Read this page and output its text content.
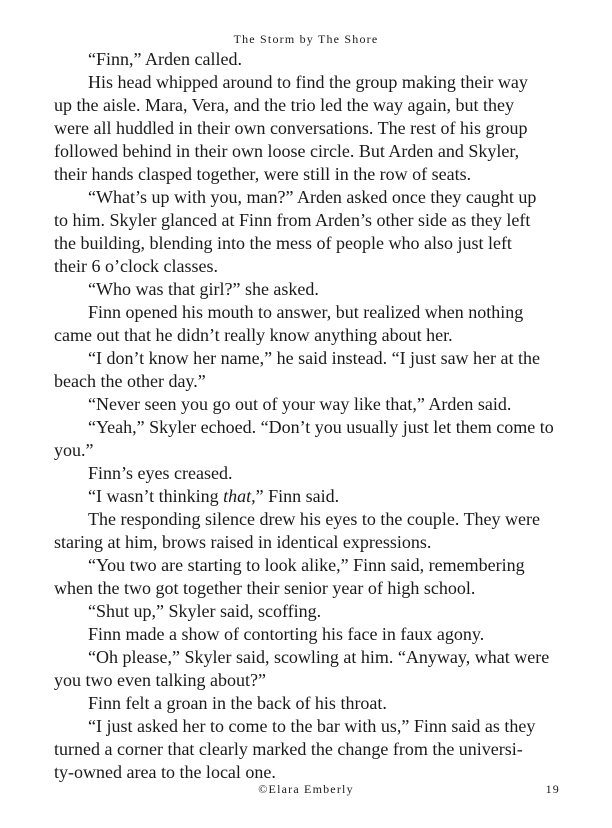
The Storm by The Shore

“Finn,” Arden called.

His head whipped around to find the group making their way

up the aisle. Mara, Vera, and the trio led the way again, but they

were all huddled in their own conversations. The rest of his group

followed behind in their own loose circle. But Arden and Skyler,

their hands clasped together, were still in the row of seats.

“What’s up with you, man?” Arden asked once they caught up

to him. Skyler glanced at Finn from Arden’s other side as they left

the building, blending into the mess of people who also just left

their 6 o’clock classes.

“Who was that girl?” she asked.

Finn opened his mouth to answer, but realized when nothing

came out that he didn’t really know anything about her.

“I don’t know her name,” he said instead. “I just saw her at the

beach the other day.”

“Never seen you go out of your way like that,” Arden said.

“Yeah,” Skyler echoed. “Don’t you usually just let them come to

you.”

Finn’s eyes creased.

“I wasn’t thinking that,” Finn said.

The responding silence drew his eyes to the couple. They were

staring at him, brows raised in identical expressions.

“You two are starting to look alike,” Finn said, remembering

when the two got together their senior year of high school.

“Shut up,” Skyler said, scoffing.

Finn made a show of contorting his face in faux agony.

“Oh please,” Skyler said, scowling at him. “Anyway, what were

you two even talking about?”

Finn felt a groan in the back of his throat.

“I just asked her to come to the bar with us,” Finn said as they

turned a corner that clearly marked the change from the universi-

ty-owned area to the local one.

©Elara Emberly	19
